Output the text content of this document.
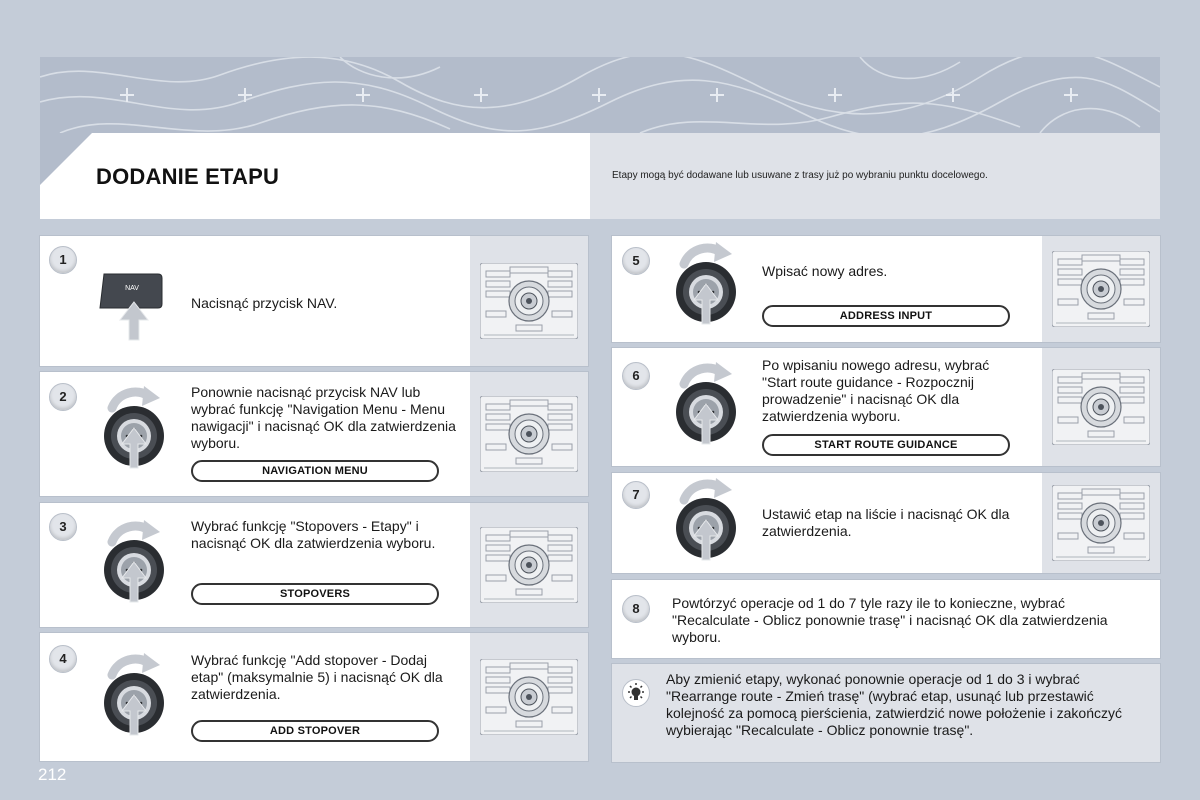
DODANIE ETAPU	Etapy mogą być dodawane lub usuwane z trasy już po wybraniu punktu docelowego.
1
NAV
Nacisnąć przycisk NAV.
2	Ponownie nacisnąć przycisk NAV lub wybrać funkcję "Navigation Menu - Menu nawigacji" i nacisnąć OK dla zatwierdzenia wyboru.
NAVIGATION MENU
3	Wybrać funkcję "Stopovers - Etapy" i nacisnąć OK dla zatwierdzenia wyboru.
STOPOVERS
4	Wybrać funkcję "Add stopover - Dodaj etap" (maksymalnie 5) i nacisnąć OK dla zatwierdzenia.
ADD STOPOVER
5
Wpisać nowy adres.
ADDRESS INPUT
6
Po wpisaniu nowego adresu, wybrać "Start route guidance - Rozpocznij prowadzenie" i nacisnąć OK dla zatwierdzenia wyboru.
START ROUTE GUIDANCE
7
Ustawić etap na liście i nacisnąć OK dla zatwierdzenia.
8	Powtórzyć operacje od 1 do 7 tyle razy ile to konieczne, wybrać "Recalculate - Oblicz ponownie trasę" i nacisnąć OK dla zatwierdzenia wyboru.
Aby zmienić etapy, wykonać ponownie operacje od 1 do 3 i wybrać "Rearrange route - Zmień trasę" (wybrać etap, usunąć lub przestawić kolejność za pomocą pierścienia, zatwierdzić nowe położenie i zakończyć wybierając "Recalculate - Oblicz ponownie trasę".
212
